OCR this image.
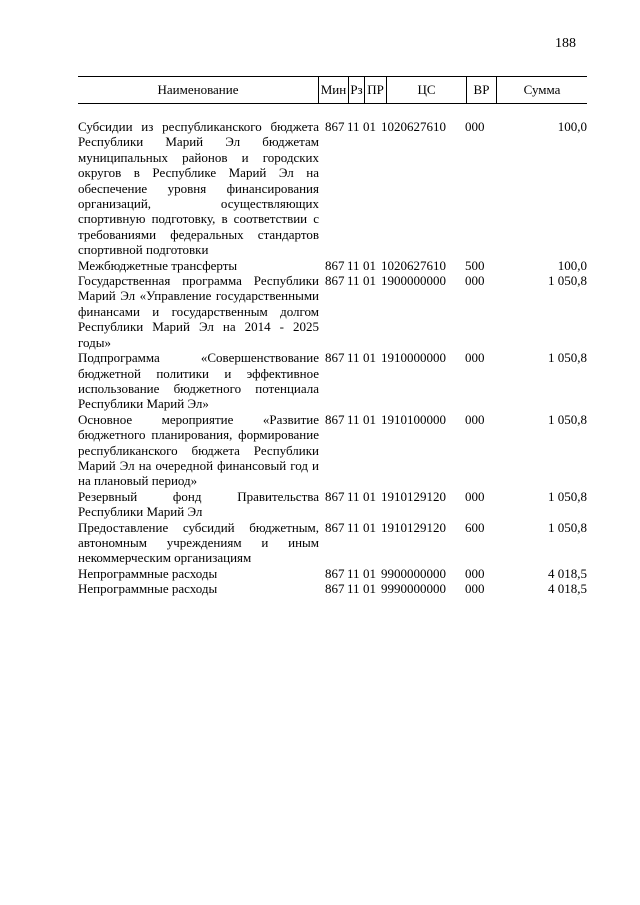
188
Наименование	Мин Рз ПР	ЦС	ВР	Сумма
Субсидии из республиканского бюджета Республики Марий Эл бюджетам муниципальных районов и городских округов в Республике Марий Эл на обеспечение уровня финансирования организаций, осуществляющих спортивную подготовку, в соответствии с требованиями федеральных стандартов спортивной подготовки
867 11 01 1020627610 000	100,0
Межбюджетные трансферты	867 11 01 1020627610 500	100,0
Государственная программа Республики Марий Эл «Управление государственными финансами и государственным долгом Республики Марий Эл на 2014 - 2025 годы»
867 11 01 1900000000 000	1 050,8
Подпрограмма «Совершенствование бюджетной политики и эффективное использование бюджетного потенциала Республики Марий Эл»
867 11 01 1910000000 000	1 050,8
Основное мероприятие «Развитие бюджетного планирования, формирование республиканского бюджета Республики Марий Эл на очередной финансовый год и на плановый период»
867 11 01 1910100000 000	1 050,8
Резервный фонд Правительства Республики Марий Эл
867 11 01 1910129120 000	1 050,8
Предоставление субсидий бюджетным, автономным учреждениям и иным некоммерческим организациям
867 11 01 1910129120 600	1 050,8
Непрограммные расходы	867 11 01 9900000000 000	4 018,5
Непрограммные расходы	867 11 01 9990000000 000	4 018,5
